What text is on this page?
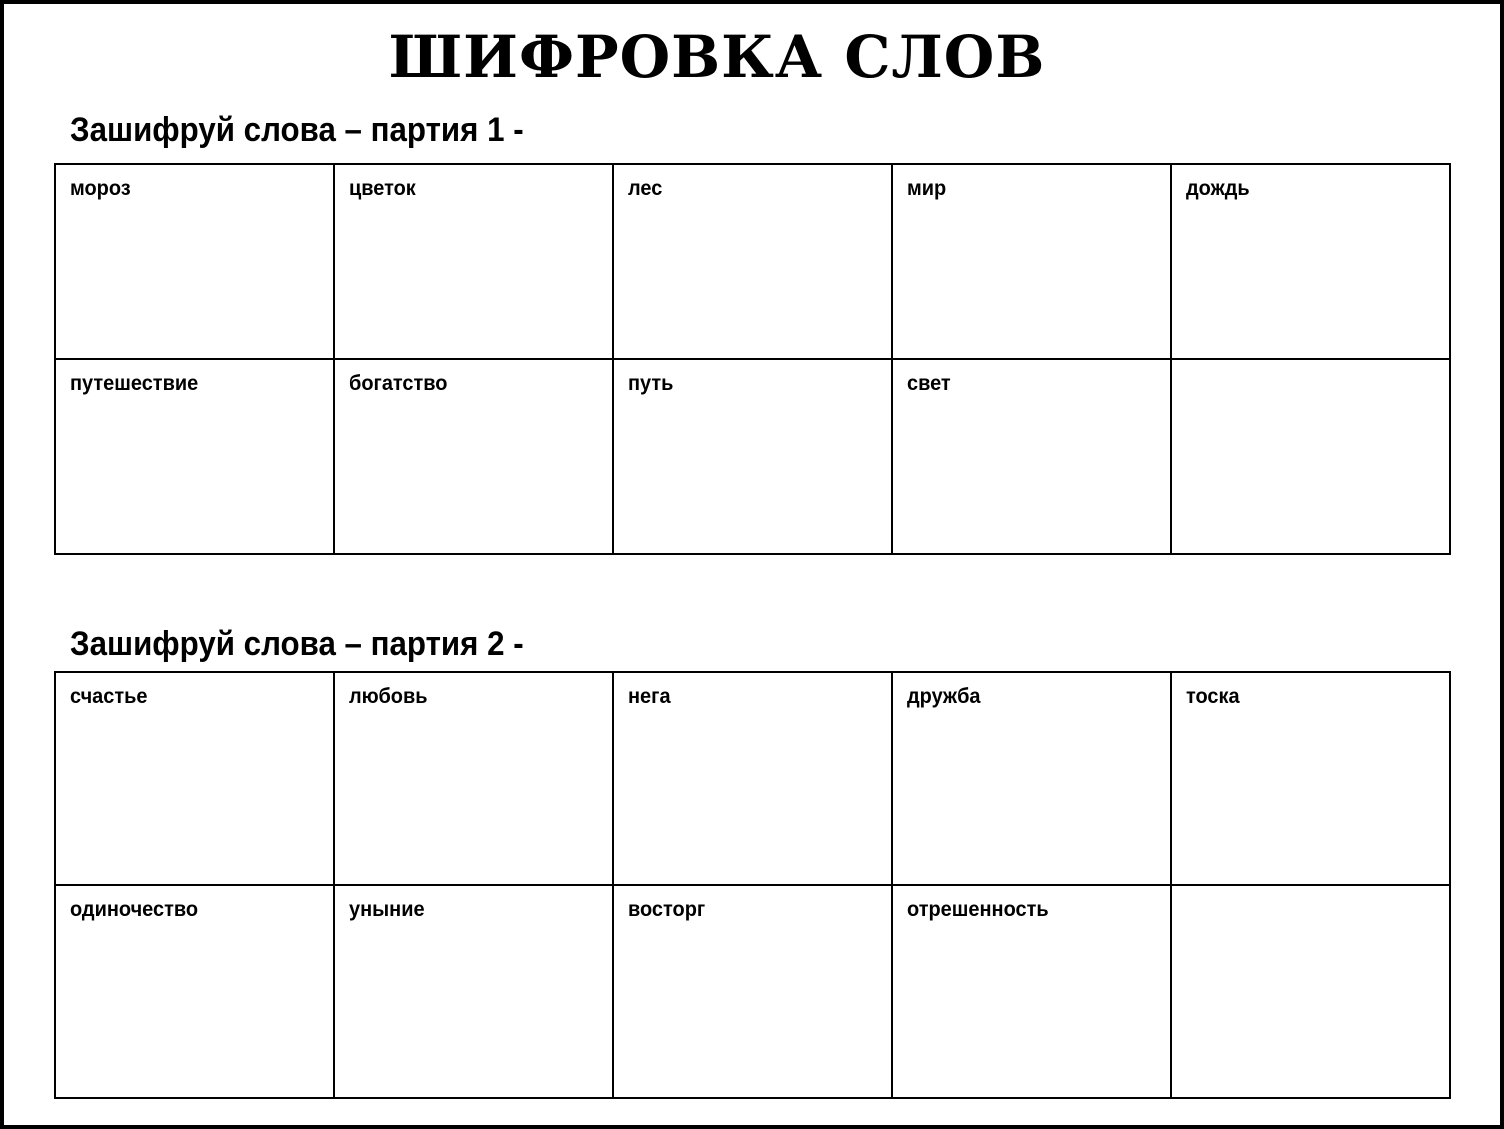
ШИФРОВКА СЛОВ
Зашифруй слова – партия 1 -
мороз	цветок	лес	мир	дождь
путешествие	богатство	путь	свет	
Зашифруй слова – партия 2 -
счастье	любовь	нега	дружба	тоска
одиночество	уныние	восторг	отрешенность	
